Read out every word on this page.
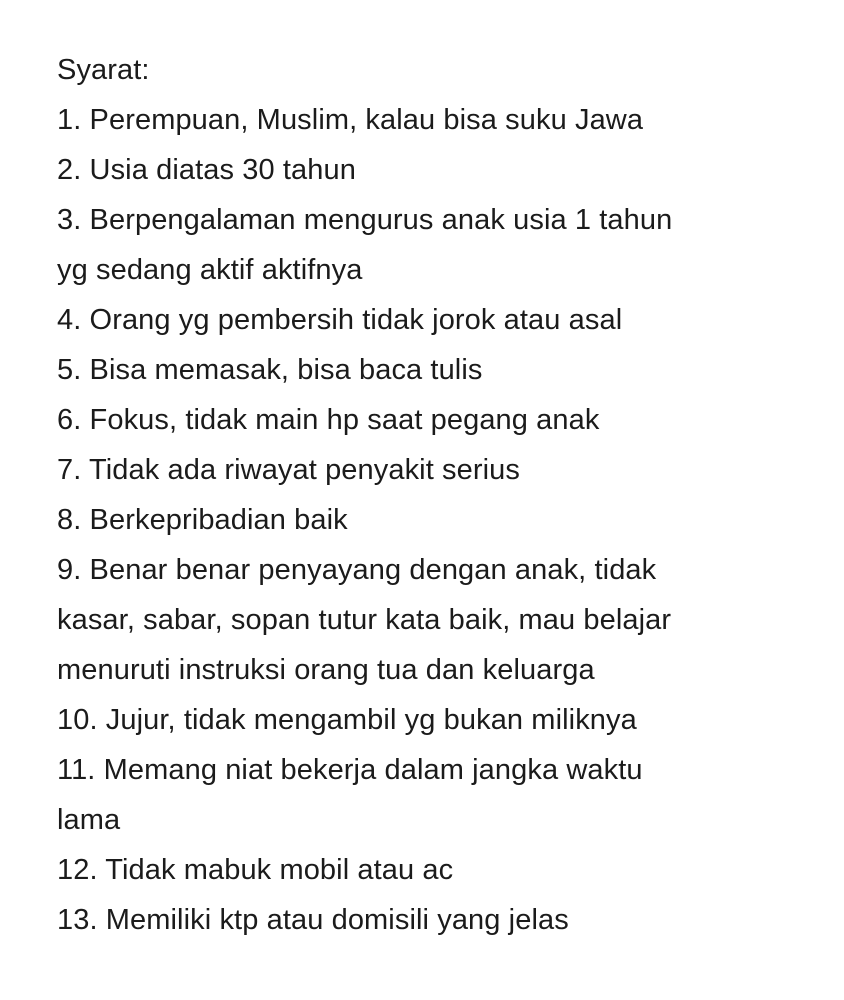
Syarat:
1. Perempuan, Muslim, kalau bisa suku Jawa
2. Usia diatas 30 tahun
3. Berpengalaman mengurus anak usia 1 tahun
yg sedang aktif aktifnya
4. Orang yg pembersih tidak jorok atau asal
5. Bisa memasak, bisa baca tulis
6. Fokus, tidak main hp saat pegang anak
7. Tidak ada riwayat penyakit serius
8. Berkepribadian baik
9. Benar benar penyayang dengan anak, tidak
kasar, sabar, sopan tutur kata baik, mau belajar
menuruti instruksi orang tua dan keluarga
10. Jujur, tidak mengambil yg bukan miliknya
11. Memang niat bekerja dalam jangka waktu
lama
12. Tidak mabuk mobil atau ac
13. Memiliki ktp atau domisili yang jelas
